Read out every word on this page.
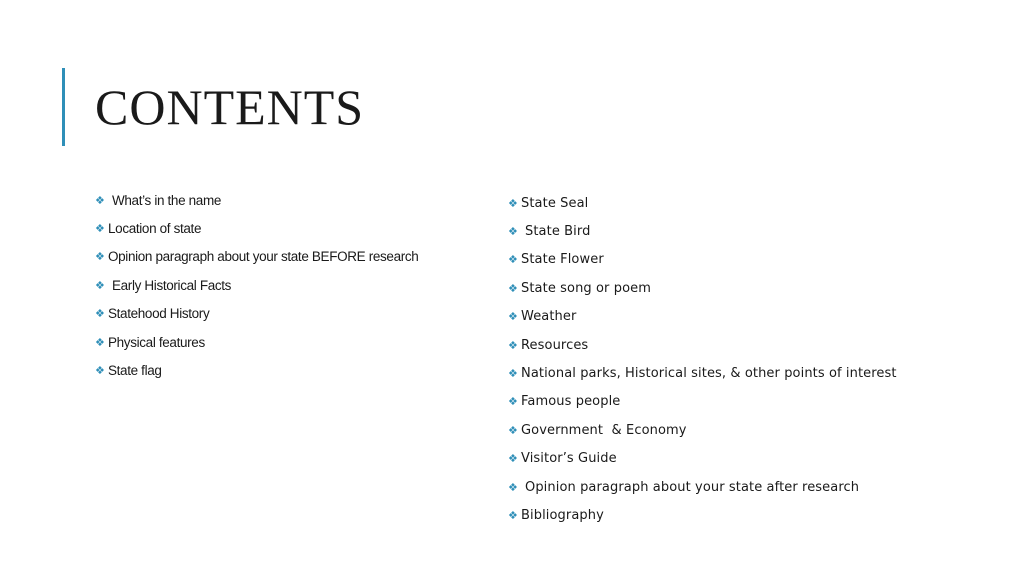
CONTENTS
❖ What’s in the name
❖ Location of state
❖ Opinion paragraph about your state BEFORE research
❖ Early Historical Facts
❖ Statehood History
❖ Physical features
❖ State flag
❖ State Seal
❖ State Bird
❖ State Flower
❖ State song or poem
❖ Weather
❖ Resources
❖ National parks, Historical sites, & other points of interest
❖ Famous people
❖ Government  & Economy
❖ Visitor’s Guide
❖ Opinion paragraph about your state after research
❖ Bibliography
